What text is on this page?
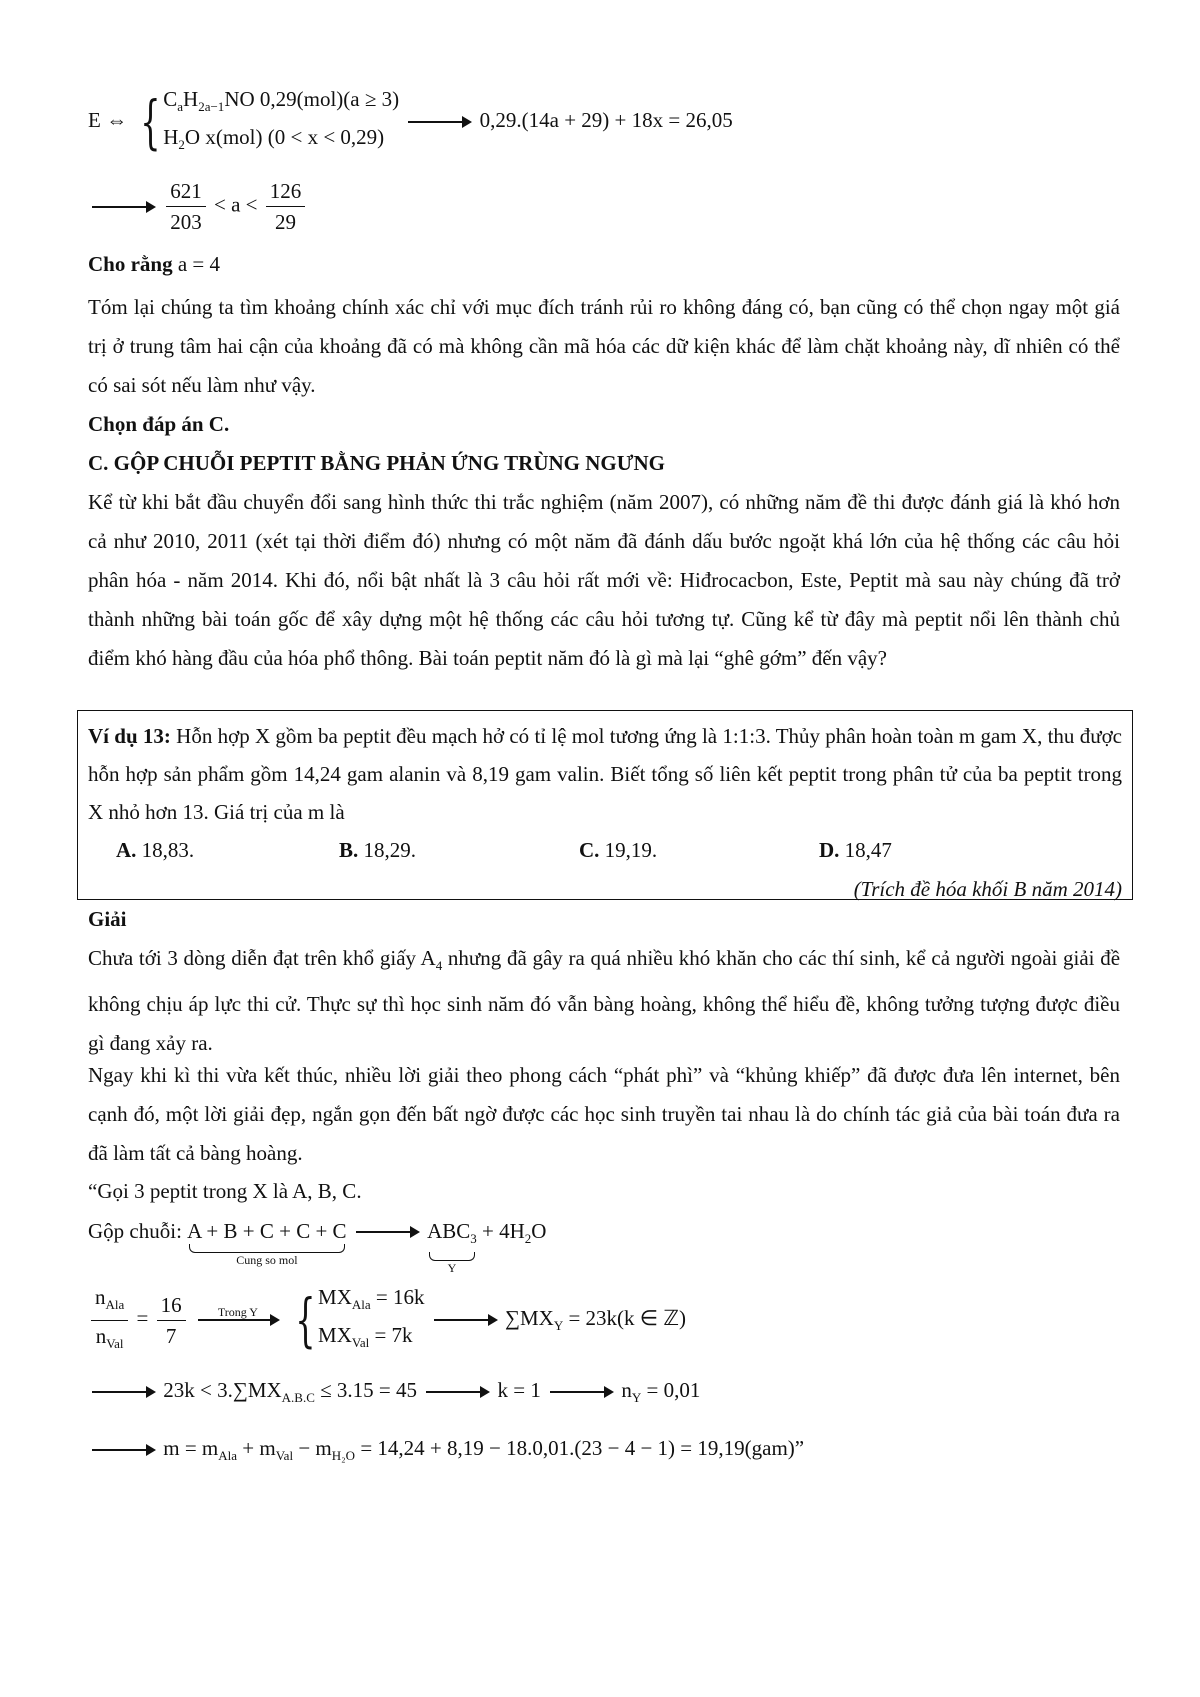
E ⇔ { $C_aH_{2a-1}NO$ 0,29(mol)(a ≥ 3)
$H_2O$ x(mol) (0 < x < 0,29)
0,29.(14a + 29) + 18x = 26,05

$\frac{621}{203} < a < \frac{126}{29}$
Cho rằng a = 4

Tóm lại chúng ta tìm khoảng chính xác chỉ với mục đích tránh rủi ro không đáng có, bạn cũng có thể chọn ngay một giá trị ở trung tâm hai cận của khoảng đã có mà không cần mã hóa các dữ kiện khác để làm chặt khoảng này, dĩ nhiên có thể có sai sót nếu làm như vậy.

Chọn đáp án C.

C. GỘP CHUỖI PEPTIT BẰNG PHẢN ỨNG TRÙNG NGƯNG

Kể từ khi bắt đầu chuyển đổi sang hình thức thi trắc nghiệm (năm 2007), có những năm đề thi được đánh giá là khó hơn cả như 2010, 2011 (xét tại thời điểm đó) nhưng có một năm đã đánh dấu bước ngoặt khá lớn của hệ thống các câu hỏi phân hóa - năm 2014. Khi đó, nổi bật nhất là 3 câu hỏi rất mới về: Hiđrocacbon, Este, Peptit mà sau này chúng đã trở thành những bài toán gốc để xây dựng một hệ thống các câu hỏi tương tự. Cũng kể từ đây mà peptit nổi lên thành chủ điểm khó hàng đầu của hóa phổ thông. Bài toán peptit năm đó là gì mà lại “ghê gớm” đến vậy?

Ví dụ 13: Hỗn hợp X gồm ba peptit đều mạch hở có tỉ lệ mol tương ứng là 1:1:3. Thủy phân hoàn toàn m gam X, thu được hỗn hợp sản phẩm gồm 14,24 gam alanin và 8,19 gam valin. Biết tổng số liên kết peptit trong phân tử của ba peptit trong X nhỏ hơn 13. Giá trị của m là

A. 18,83.	B. 18,29.	C. 19,19.	D. 18,47
(Trích đề hóa khối B năm 2014)

Giải

Chưa tới 3 dòng diễn đạt trên khổ giấy $A_4$ nhưng đã gây ra quá nhiều khó khăn cho các thí sinh, kể cả người ngoài giải đề không chịu áp lực thi cử. Thực sự thì học sinh năm đó vẫn bàng hoàng, không thể hiểu đề, không tưởng tượng được điều gì đang xảy ra.

Ngay khi kì thi vừa kết thúc, nhiều lời giải theo phong cách “phát phì” và “khủng khiếp” đã được đưa lên internet, bên cạnh đó, một lời giải đẹp, ngắn gọn đến bất ngờ được các học sinh truyền tai nhau là do chính tác giả của bài toán đưa ra đã làm tất cả bàng hoàng.

“Gọi 3 peptit trong X là A, B, C.

Gộp chuỗi: A + B + C + C + C
Cung so mol

$ABC_3$
Y
+ $4H_2O$
$\frac{n_{Ala}}{n_{Val}} = \frac{16}{7}$
	Trong Y

{ $MX_{Ala} = 16k$
$MX_{Val} = 7k$
$\sum MX_Y = 23k(k$ ∈ ℤ)
$23k < 3.\sum MX_{A.B.C} \le 3.15 = 45$	k = 1	$n_Y = 0,01$
$m = m_{Ala} + m_{Val} - m_{H_2O} = 14,24 + 8,19 - 18.0,01.(23 - 4 - 1) = 19,19(gam)$”
